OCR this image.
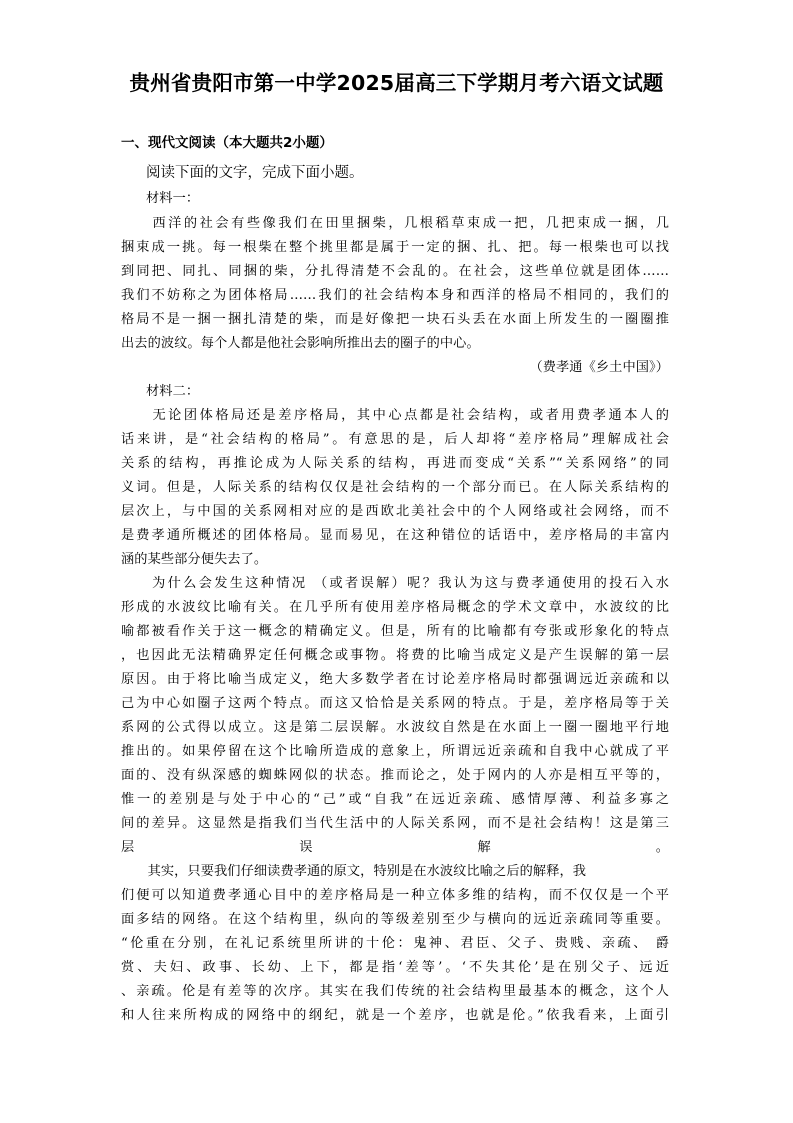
贵州省贵阳市第一中学2025届高三下学期月考六语文试题
一、现代文阅读（本大题共2小题）
阅读下面的文字，完成下面小题。
材料一：
　　西洋的社会有些像我们在田里捆柴，几根稻草束成一把，几把束成一捆，几
捆束成一挑。每一根柴在整个挑里都是属于一定的捆、扎、把。每一根柴也可以找
到同把、同扎、同捆的柴，分扎得清楚不会乱的。在社会，这些单位就是团体……
我们不妨称之为团体格局……我们的社会结构本身和西洋的格局不相同的，我们的
格局不是一捆一捆扎清楚的柴，而是好像把一块石头丢在水面上所发生的一圈圈推
出去的波纹。每个人都是他社会影响所推出去的圈子的中心。
（费孝通《乡土中国》）
材料二：
　　无论团体格局还是差序格局，其中心点都是社会结构，或者用费孝通本人的
话来讲，是“社会结构的格局”。有意思的是，后人却将“差序格局”理解成社会
关系的结构，再推论成为人际关系的结构，再进而变成“关系”“关系网络”的同
义词。但是，人际关系的结构仅仅是社会结构的一个部分而已。在人际关系结构的
层次上，与中国的关系网相对应的是西欧北美社会中的个人网络或社会网络，而不
是费孝通所概述的团体格局。显而易见，在这种错位的话语中，差序格局的丰富内
涵的某些部分便失去了。
　　为什么会发生这种情况 （或者误解）呢？我认为这与费孝通使用的投石入水
形成的水波纹比喻有关。在几乎所有使用差序格局概念的学术文章中，水波纹的比
喻都被看作关于这一概念的精确定义。但是，所有的比喻都有夸张或形象化的特点
，也因此无法精确界定任何概念或事物。将费的比喻当成定义是产生误解的第一层
原因。由于将比喻当成定义，绝大多数学者在讨论差序格局时都强调远近亲疏和以
己为中心如圈子这两个特点。而这又恰恰是关系网的特点。于是，差序格局等于关
系网的公式得以成立。这是第二层误解。水波纹自然是在水面上一圈一圈地平行地
推出的。如果停留在这个比喻所造成的意象上，所谓远近亲疏和自我中心就成了平
面的、没有纵深感的蜘蛛网似的状态。推而论之，处于网内的人亦是相互平等的，
惟一的差别是与处于中心的“己”或“自我”在远近亲疏、感情厚薄、利益多寡之
间的差异。这显然是指我们当代生活中的人际关系网，而不是社会结构！这是第三
层误解。
　　其实，只要我们仔细读费孝通的原文，特别是在水波纹比喻之后的解释，我
们便可以知道费孝通心目中的差序格局是一种立体多维的结构，而不仅仅是一个平
面多结的网络。在这个结构里，纵向的等级差别至少与横向的远近亲疏同等重要。
“伦重在分别，在礼记系统里所讲的十伦：鬼神、君臣、父子、贵贱、亲疏、 爵
赏、夫妇、政事、长幼、上下，都是指‘差等’。‘不失其伦’是在别父子、远近
、亲疏。伦是有差等的次序。其实在我们传统的社会结构里最基本的概念，这个人
和人往来所构成的网络中的纲纪，就是一个差序，也就是伦。”依我看来，上面引
